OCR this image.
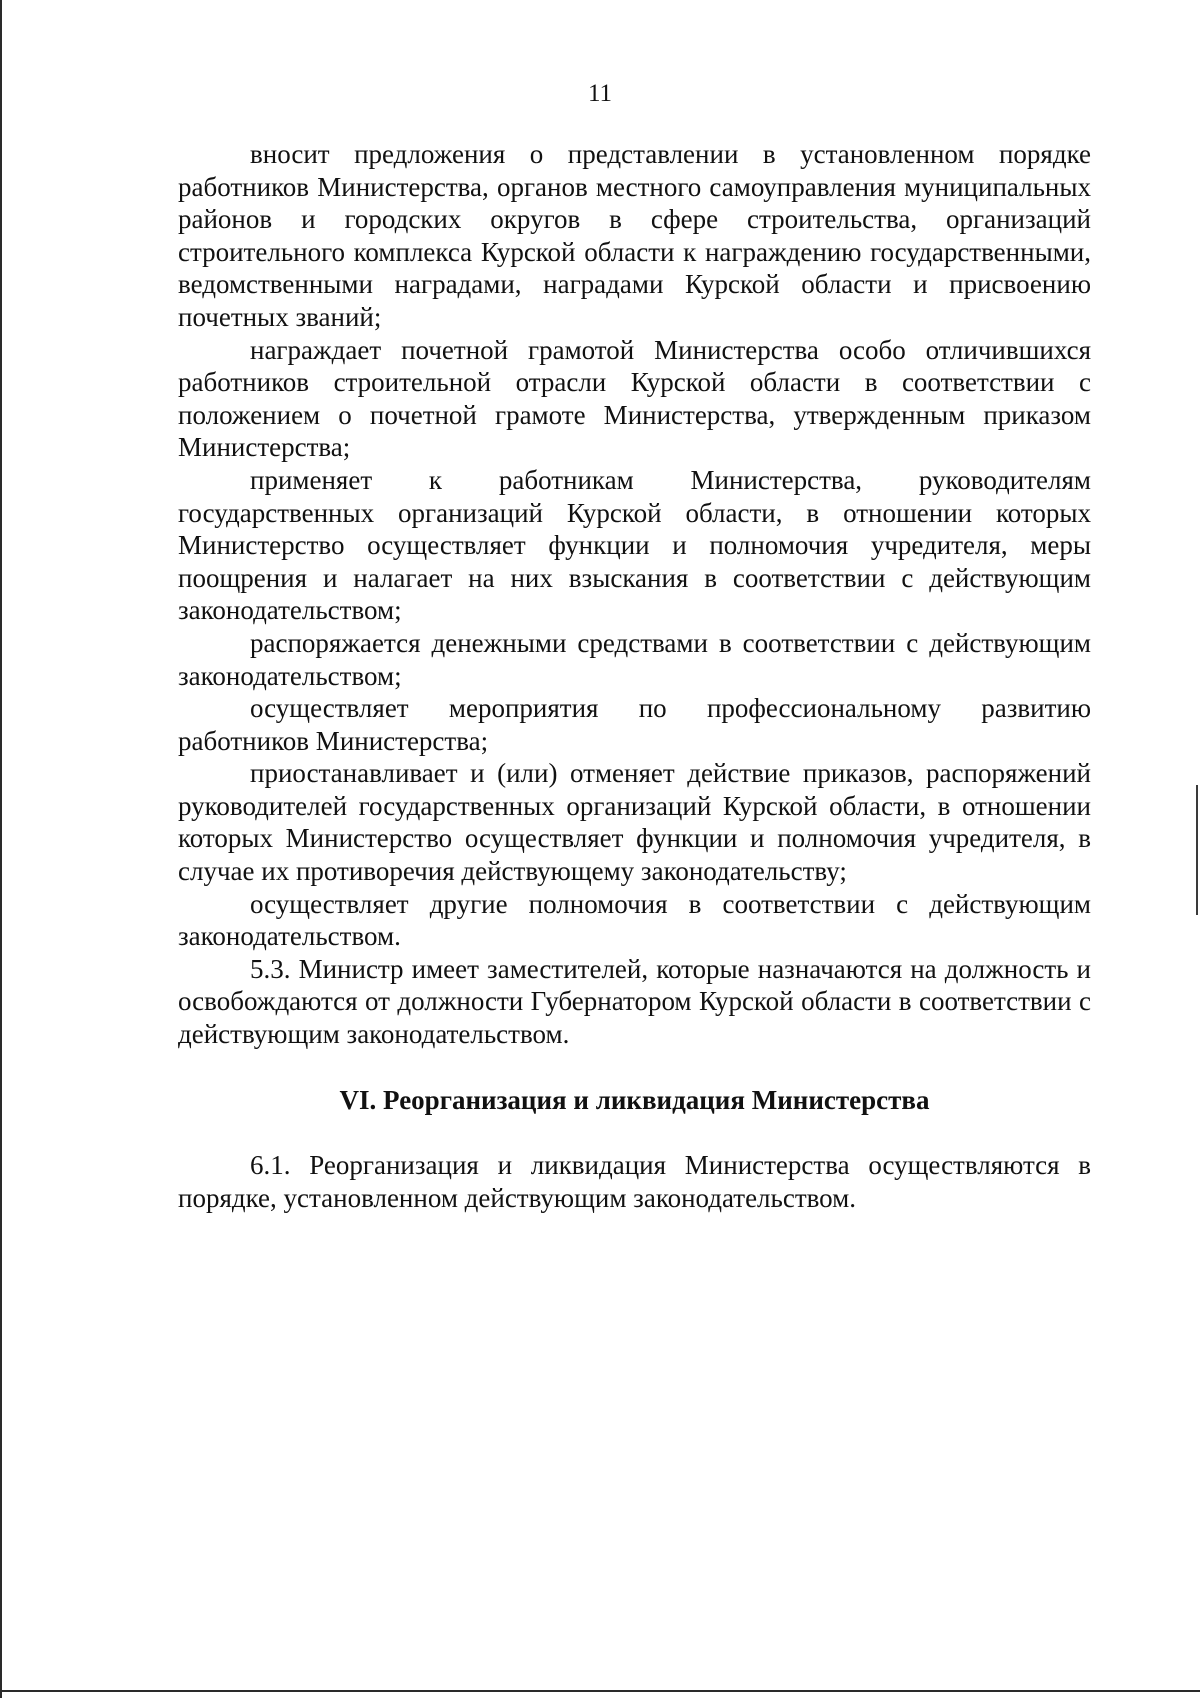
11

вносит предложения о представлении в установленном порядке работников Министерства, органов местного самоуправления муниципальных районов и городских округов в сфере строительства, организаций строительного комплекса Курской области к награждению государственными, ведомственными наградами, наградами Курской области и присвоению почетных званий;

награждает почетной грамотой Министерства особо отличившихся работников строительной отрасли Курской области в соответствии с положением о почетной грамоте Министерства, утвержденным приказом Министерства;

применяет к работникам Министерства, руководителям государственных организаций Курской области, в отношении которых Министерство осуществляет функции и полномочия учредителя, меры поощрения и налагает на них взыскания в соответствии с действующим законодательством;

распоряжается денежными средствами в соответствии с действующим законодательством;

осуществляет мероприятия по профессиональному развитию работников Министерства;

приостанавливает и (или) отменяет действие приказов, распоряжений руководителей государственных организаций Курской области, в отношении которых Министерство осуществляет функции и полномочия учредителя, в случае их противоречия действующему законодательству;

осуществляет другие полномочия в соответствии с действующим законодательством.

5.3. Министр имеет заместителей, которые назначаются на должность и освобождаются от должности Губернатором Курской области в соответствии с действующим законодательством.

VI. Реорганизация и ликвидация Министерства

6.1. Реорганизация и ликвидация Министерства осуществляются в порядке, установленном действующим законодательством.
